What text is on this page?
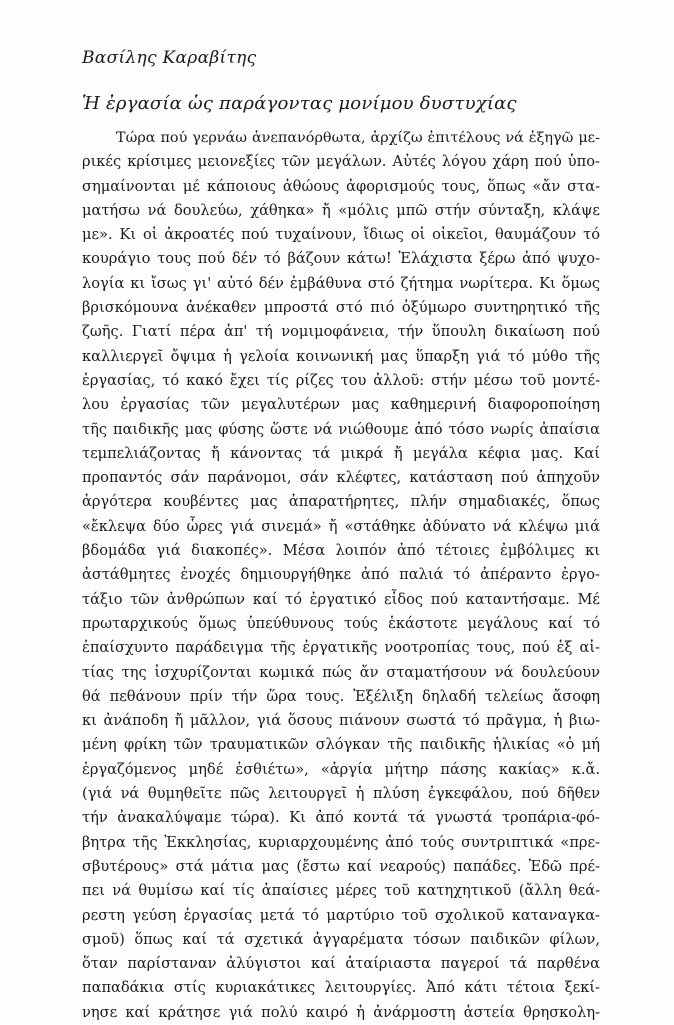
Βασίλης Καραβίτης
Ἡ ἐργασία ὡς παράγοντας μονίμου δυστυχίας
Τώρα πού γερνάω ἀνεπανόρθωτα, ἀρχίζω ἐπιτέλους νά ἐξηγῶ με-
ρικές κρίσιμες μειονεξίες τῶν μεγάλων. Αὐτές λόγου χάρη πού ὑπο-
σημαίνονται μέ κάποιους ἀθώους ἀφορισμούς τους, ὅπως «ἄν στα-
ματήσω νά δουλεύω, χάθηκα» ἤ «μόλις μπῶ στήν σύνταξη, κλάψε
με». Κι οἱ ἀκροατές πού τυχαίνουν, ἴδιως οἱ οἰκεῖοι, θαυμάζουν τό
κουράγιο τους πού δέν τό βάζουν κάτω! Ἐλάχιστα ξέρω ἀπό ψυχο-
λογία κι ἴσως γι' αὐτό δέν ἐμβάθυνα στό ζήτημα νωρίτερα. Κι ὅμως
βρισκόμουνα ἀνέκαθεν μπροστά στό πιό ὀξύμωρο συντηρητικό τῆς
ζωῆς. Γιατί πέρα ἀπ' τή νομιμοφάνεια, τήν ὕπουλη δικαίωση πού
καλλιεργεῖ ὄψιμα ἡ γελοία κοινωνική μας ὕπαρξη γιά τό μύθο τῆς
ἐργασίας, τό κακό ἔχει τίς ρίζες του ἀλλοῦ: στήν μέσω τοῦ μοντέ-
λου ἐργασίας τῶν μεγαλυτέρων μας καθημερινή διαφοροποίηση
τῆς παιδικῆς μας φύσης ὥστε νά νιώθουμε ἀπό τόσο νωρίς ἀπαίσια
τεμπελιάζοντας ἤ κάνοντας τά μικρά ἤ μεγάλα κέφια μας. Καί
προπαντός σάν παράνομοι, σάν κλέφτες, κατάσταση πού ἀπηχοῦν
ἀργότερα κουβέντες μας ἀπαρατήρητες, πλήν σημαδιακές, ὅπως
«ἔκλεψα δύο ὧρες γιά σινεμά» ἤ «στάθηκε ἀδύνατο νά κλέψω μιά
βδομάδα γιά διακοπές». Μέσα λοιπόν ἀπό τέτοιες ἐμβόλιμες κι
ἀστάθμητες ἐνοχές δημιουργήθηκε ἀπό παλιά τό ἀπέραντο ἐργο-
τάξιο τῶν ἀνθρώπων καί τό ἐργατικό εἶδος πού καταντήσαμε. Μέ
πρωταρχικούς ὅμως ὑπεύθυνους τούς ἑκάστοτε μεγάλους καί τό
ἐπαίσχυντο παράδειγμα τῆς ἐργατικῆς νοοτροπίας τους, πού ἐξ αἰ-
τίας της ἰσχυρίζονται κωμικά πώς ἄν σταματήσουν νά δουλεύουν
θά πεθάνουν πρίν τήν ὥρα τους. Ἐξέλιξη δηλαδή τελείως ἄσοφη
κι ἀνάποδη ἤ μᾶλλον, γιά ὅσους πιάνουν σωστά τό πρᾶγμα, ἡ βιω-
μένη φρίκη τῶν τραυματικῶν σλόγκαν τῆς παιδικῆς ἡλικίας «ὁ μή
ἐργαζόμενος μηδέ ἐσθιέτω», «ἀργία μήτηρ πάσης κακίας» κ.ἄ.
(γιά νά θυμηθεῖτε πῶς λειτουργεῖ ἡ πλύση ἐγκεφάλου, πού δῆθεν
τήν ἀνακαλύψαμε τώρα). Κι ἀπό κοντά τά γνωστά τροπάρια-φό-
βητρα τῆς Ἐκκλησίας, κυριαρχουμένης ἀπό τούς συντριπτικά «πρε-
σβυτέρους» στά μάτια μας (ἔστω καί νεαρούς) παπάδες. Ἐδῶ πρέ-
πει νά θυμίσω καί τίς ἀπαίσιες μέρες τοῦ κατηχητικοῦ (ἄλλη θεά-
ρεστη γεύση ἐργασίας μετά τό μαρτύριο τοῦ σχολικοῦ καταναγκα-
σμοῦ) ὅπως καί τά σχετικά ἀγγαρέματα τόσων παιδικῶν φίλων,
ὅταν παρίσταναν ἀλύγιστοι καί ἀταίριαστα παγεροί τά παρθένα
παπαδάκια στίς κυριακάτικες λειτουργίες. Ἀπό κάτι τέτοια ξεκί-
νησε καί κράτησε γιά πολύ καιρό ἡ ἀνάρμοστη ἀστεία θρησκολη-
